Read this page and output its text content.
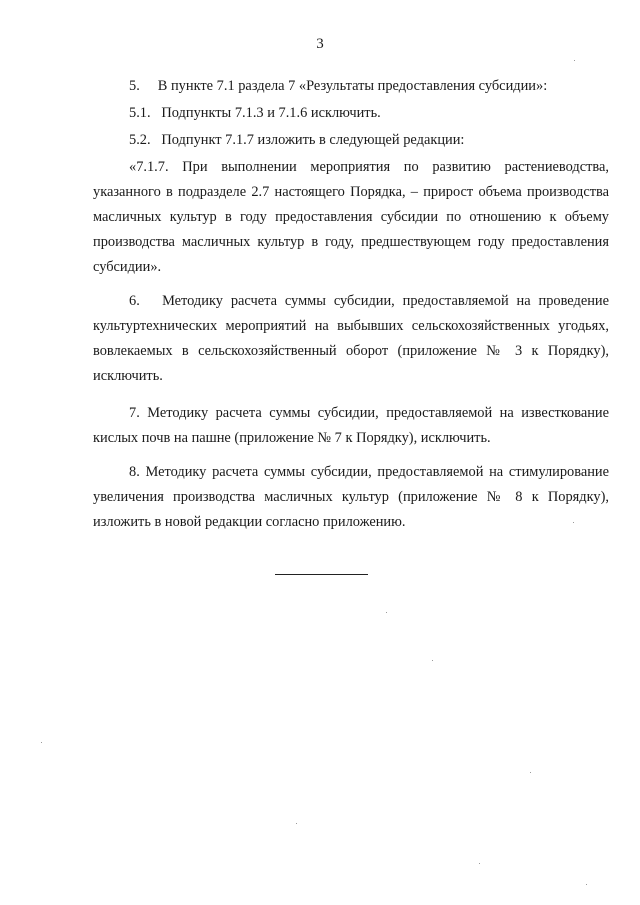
3

5.  В пункте 7.1 раздела 7 «Результаты предоставления субсидии»:

5.1.  Подпункты 7.1.3 и 7.1.6 исключить.

5.2.  Подпункт 7.1.7 изложить в следующей редакции:

«7.1.7. При выполнении мероприятия по развитию растениеводства, указанного в подразделе 2.7 настоящего Порядка, – прирост объема производства масличных культур в году предоставления субсидии по отношению к объему производства масличных культур в году, предшествующем году предоставления субсидии».

6.  Методику расчета суммы субсидии, предоставляемой на проведение культуртехнических мероприятий на выбывших сельскохозяйственных угодьях, вовлекаемых в сельскохозяйственный оборот (приложение № 3 к Порядку), исключить.

7. Методику расчета суммы субсидии, предоставляемой на известкование кислых почв на пашне (приложение № 7 к Порядку), исключить.

8. Методику расчета суммы субсидии, предоставляемой на стимулирование увеличения производства масличных культур (приложение № 8 к Порядку), изложить в новой редакции согласно приложению.
